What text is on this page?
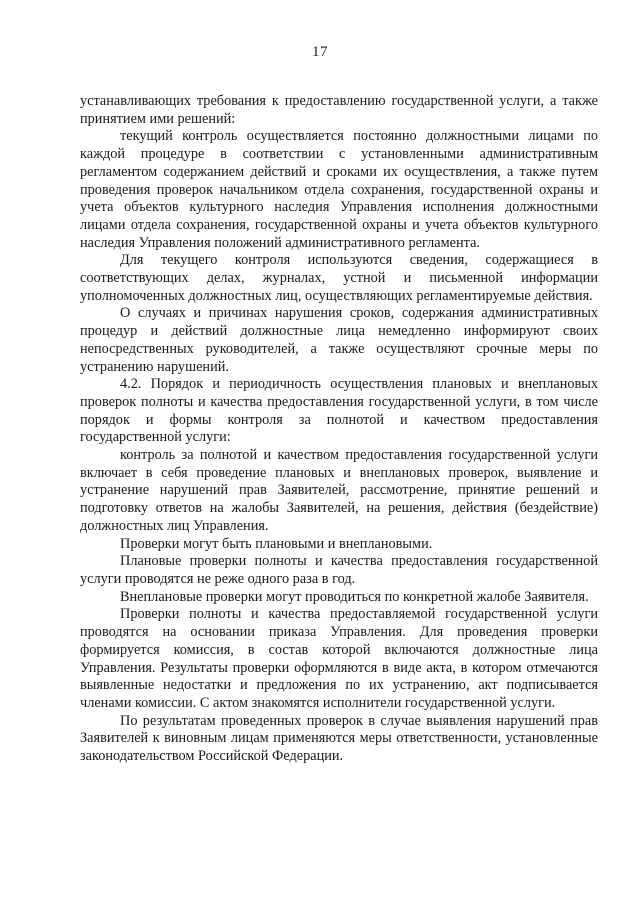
17

устанавливающих требования к предоставлению государственной услуги, а также принятием ими решений:

текущий контроль осуществляется постоянно должностными лицами по каждой процедуре в соответствии с установленными административным регламентом содержанием действий и сроками их осуществления, а также путем проведения проверок начальником отдела сохранения, государственной охраны и учета объектов культурного наследия Управления исполнения должностными лицами отдела сохранения, государственной охраны и учета объектов культурного наследия Управления положений административного регламента.

Для текущего контроля используются сведения, содержащиеся в соответствующих делах, журналах, устной и письменной информации уполномоченных должностных лиц, осуществляющих регламентируемые действия.

О случаях и причинах нарушения сроков, содержания административных процедур и действий должностные лица немедленно информируют своих непосредственных руководителей, а также осуществляют срочные меры по устранению нарушений.

4.2. Порядок и периодичность осуществления плановых и внеплановых проверок полноты и качества предоставления государственной услуги, в том числе порядок и формы контроля за полнотой и качеством предоставления государственной услуги:

контроль за полнотой и качеством предоставления государственной услуги включает в себя проведение плановых и внеплановых проверок, выявление и устранение нарушений прав Заявителей, рассмотрение, принятие решений и подготовку ответов на жалобы Заявителей, на решения, действия (бездействие) должностных лиц Управления.

Проверки могут быть плановыми и внеплановыми.

Плановые проверки полноты и качества предоставления государственной услуги проводятся не реже одного раза в год.

Внеплановые проверки могут проводиться по конкретной жалобе Заявителя.

Проверки полноты и качества предоставляемой государственной услуги проводятся на основании приказа Управления. Для проведения проверки формируется комиссия, в состав которой включаются должностные лица Управления. Результаты проверки оформляются в виде акта, в котором отмечаются выявленные недостатки и предложения по их устранению, акт подписывается членами комиссии. С актом знакомятся исполнители государственной услуги.

По результатам проведенных проверок в случае выявления нарушений прав Заявителей к виновным лицам применяются меры ответственности, установленные законодательством Российской Федерации.
